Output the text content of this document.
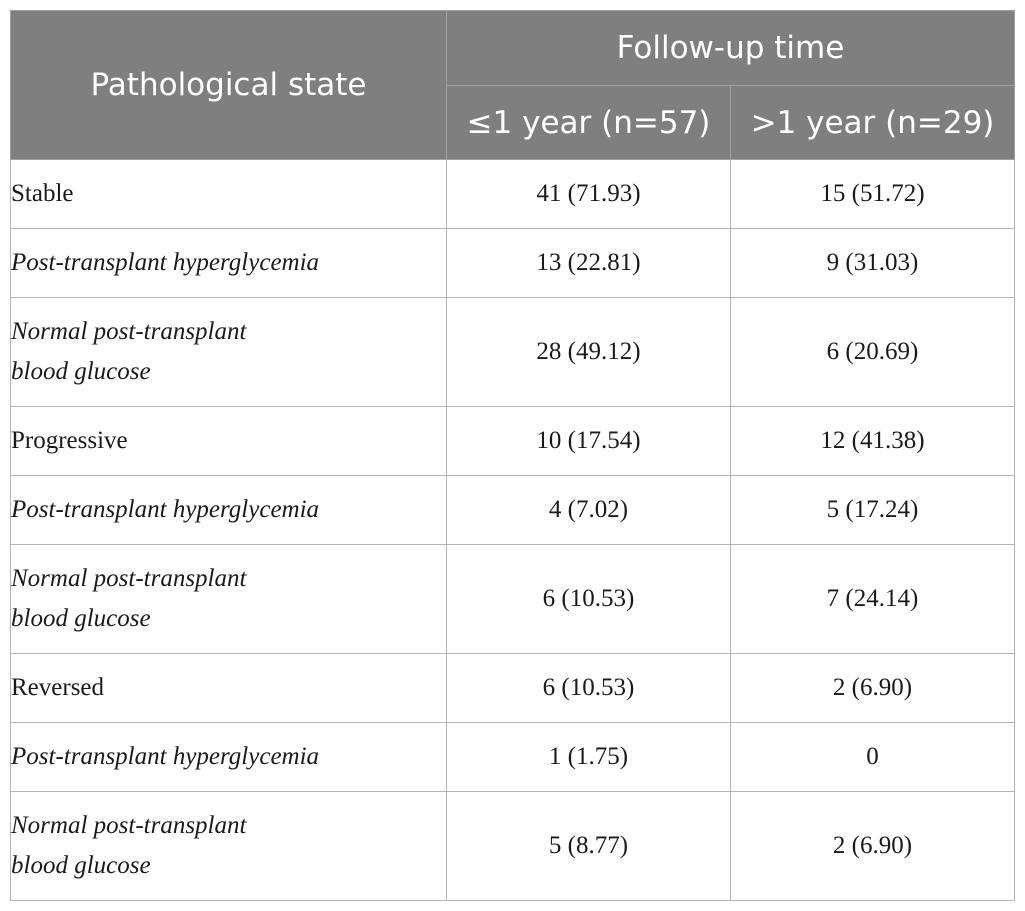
Pathological state	Follow-up time	
	≤1 year (n=57)	>1 year (n=29)

Stable	41 (71.93)	15 (51.72)

Post-transplant hyperglycemia	13 (22.81)	9 (31.03)

Normal post-transplant
blood glucose	28 (49.12)	6 (20.69)

Progressive	10 (17.54)	12 (41.38)

Post-transplant hyperglycemia	4 (7.02)	5 (17.24)

Normal post-transplant
blood glucose	6 (10.53)	7 (24.14)

Reversed	6 (10.53)	2 (6.90)

Post-transplant hyperglycemia	1 (1.75)	0

Normal post-transplant
blood glucose	5 (8.77)	2 (6.90)
